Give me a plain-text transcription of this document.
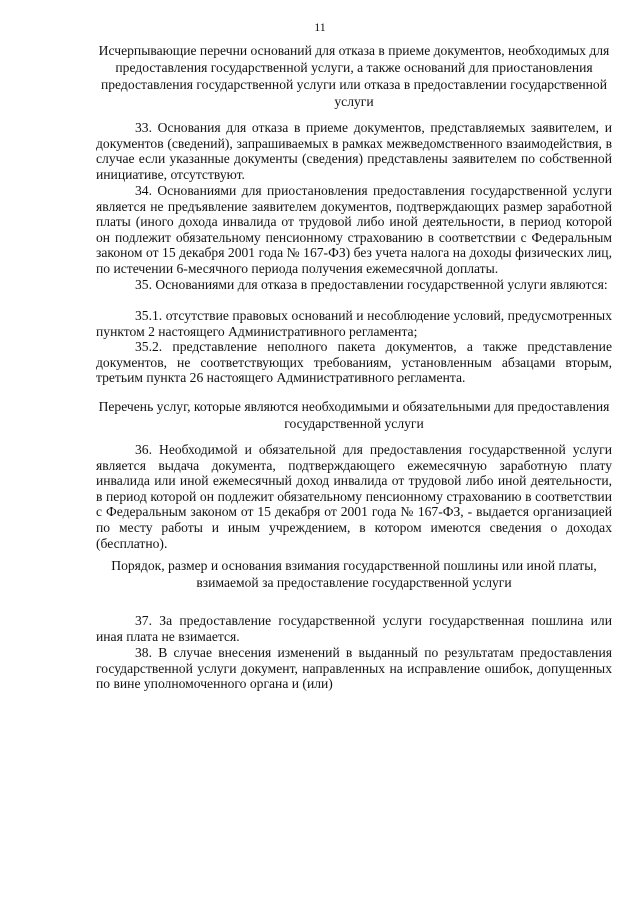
11
Исчерпывающие перечни оснований для отказа в приеме документов, необходимых для предоставления государственной услуги, а также оснований для приостановления предоставления государственной услуги или отказа в предоставлении государственной услуги

33. Основания для отказа в приеме документов, представляемых заявителем, и документов (сведений), запрашиваемых в рамках межведомственного взаимодействия, в случае если указанные документы (сведения) представлены заявителем по собственной инициативе, отсутствуют.

34. Основаниями для приостановления предоставления государственной услуги является не предъявление заявителем документов, подтверждающих размер заработной платы (иного дохода инвалида от трудовой либо иной деятельности, в период которой он подлежит обязательному пенсионному страхованию в соответствии с Федеральным законом от 15 декабря 2001 года № 167-ФЗ) без учета налога на доходы физических лиц, по истечении 6-месячного периода получения ежемесячной доплаты.

35. Основаниями для отказа в предоставлении государственной услуги являются:

35.1. отсутствие правовых оснований и несоблюдение условий, предусмотренных пунктом 2 настоящего Административного регламента;

35.2. представление неполного пакета документов, а также представление документов, не соответствующих требованиям, установленным абзацами вторым, третьим пункта 26 настоящего Административного регламента.

Перечень услуг, которые являются необходимыми и обязательными для предоставления государственной услуги

36. Необходимой и обязательной для предоставления государственной услуги является выдача документа, подтверждающего ежемесячную заработную плату инвалида или иной ежемесячный доход инвалида от трудовой либо иной деятельности, в период которой он подлежит обязательному пенсионному страхованию в соответствии с Федеральным законом от 15 декабря от 2001 года № 167-ФЗ, - выдается организацией по месту работы и иным учреждением, в котором имеются сведения о доходах (бесплатно).

Порядок, размер и основания взимания государственной пошлины или иной платы, взимаемой за предоставление государственной услуги

37. За предоставление государственной услуги государственная пошлина или иная плата не взимается.

38. В случае внесения изменений в выданный по результатам предоставления государственной услуги документ, направленных на исправление ошибок, допущенных по вине уполномоченного органа и (или)
